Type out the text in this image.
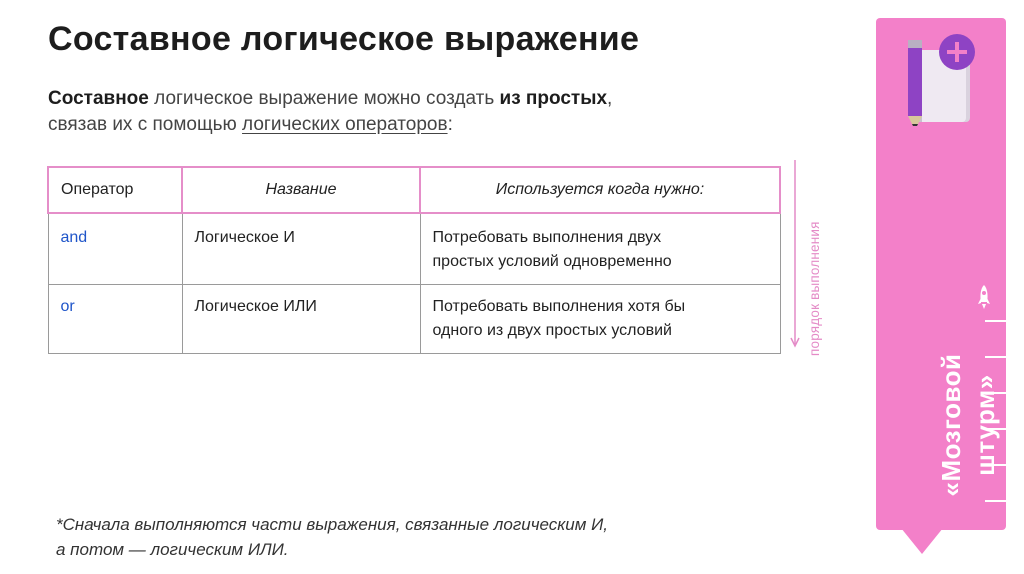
Составное логическое выражение
Составное логическое выражение можно создать из простых,
связав их с помощью логических операторов:
Оператор	Название	Используется когда нужно:
and	Логическое И	Потребовать выполнения двух
простых условий одновременно
or	Логическое ИЛИ	Потребовать выполнения хотя бы
одного из двух простых условий	порядок выполнения
*Сначала выполняются части выражения, связанные логическим И,
а потом — логическим ИЛИ.
«Мозговой штурм»
